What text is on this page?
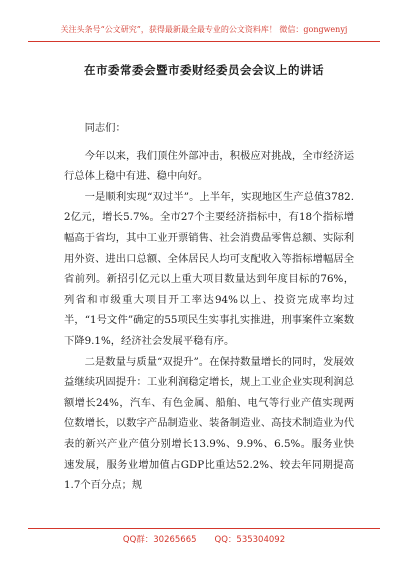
关注头条号“公文研究”，获得最新最全最专业的公文资料库！ 微信：gongwenyj
在市委常委会暨市委财经委员会会议上的讲话

同志们：

今年以来，我们顶住外部冲击，积极应对挑战，全市经济运行总体上稳中有进、稳中向好。

一是顺利实现“双过半”。上半年，实现地区生产总值3782.2亿元，增长5.7%。全市27个主要经济指标中，有18个指标增幅高于省均，其中工业开票销售、社会消费品零售总额、实际利用外资、进出口总额、全体居民人均可支配收入等指标增幅居全省前列。新招引亿元以上重大项目数量达到年度目标的76%，列省和市级重大项目开工率达94%以上、投资完成率均过半，“1号文件”确定的55项民生实事扎实推进，刑事案件立案数下降9.1%，经济社会发展平稳有序。

二是数量与质量“双提升”。在保持数量增长的同时，发展效益继续巩固提升：工业利润稳定增长，规上工业企业实现利润总额增长24%，汽车、有色金属、船舶、电气等行业产值实现两位数增长，以数字产品制造业、装备制造业、高技术制造业为代表的新兴产业产值分别增长13.9%、9.9%、6.5%。服务业快速发展，服务业增加值占GDP比重达52.2%、较去年同期提高1.7个百分点；规

QQ群：30265665 QQ：535304092
